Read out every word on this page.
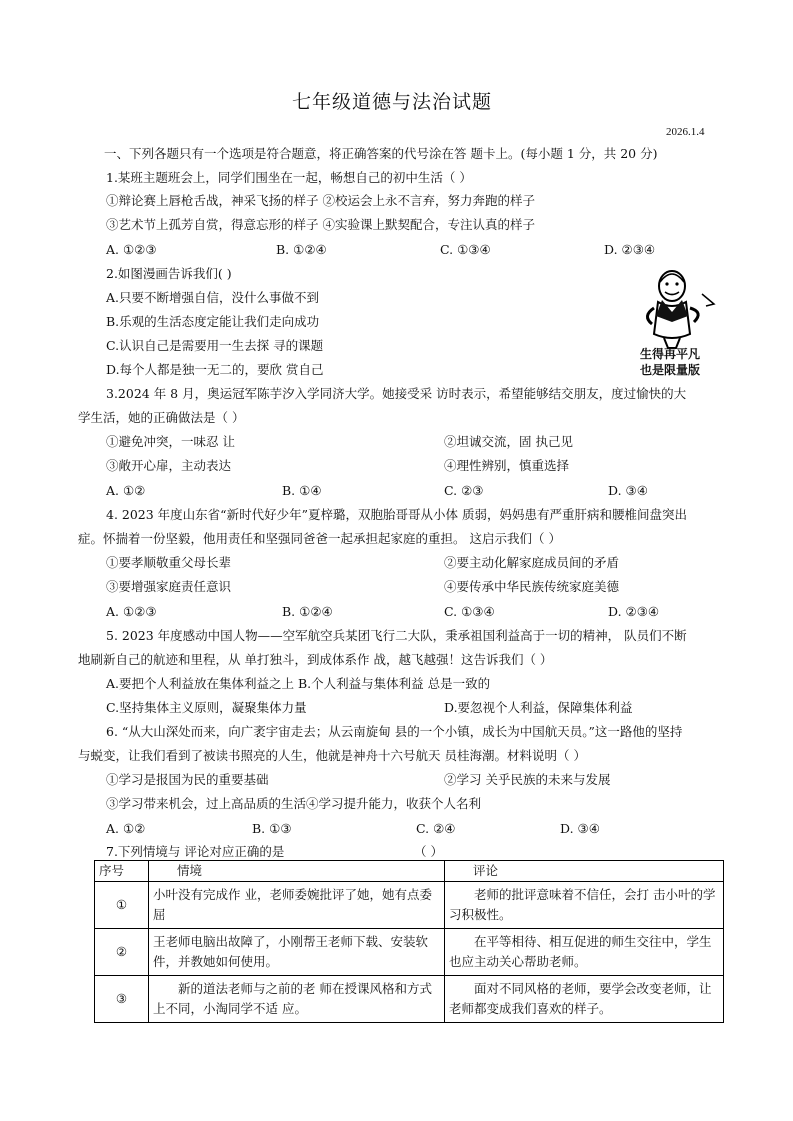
七年级道德与法治试题
2026.1.4
一、下列各题只有一个选项是符合题意，将正确答案的代号涂在答 题卡上。(每小题 1 分，共 20 分)
1.某班主题班会上，同学们围坐在一起，畅想自己的初中生活（ ）
①辩论赛上唇枪舌战，神采飞扬的样子 ②校运会上永不言弃，努力奔跑的样子
③艺术节上孤芳自赏，得意忘形的样子 ④实验课上默契配合，专注认真的样子
A. ①②③	B. ①②④	C. ①③④	D. ②③④
2.如图漫画告诉我们( )
A.只要不断增强自信，没什么事做不到
B.乐观的生活态度定能让我们走向成功
C.认识自己是需要用一生去探 寻的课题
D.每个人都是独一无二的，要欣 赏自己
生得再平凡
也是限量版
3.2024 年 8 月，奥运冠军陈芋汐入学同济大学。她接受采 访时表示，希望能够结交朋友，度过愉快的大
学生活，她的正确做法是（ ）
①避免冲突，一味忍 让	②坦诚交流，固 执己见
③敞开心扉，主动表达	④理性辨别，慎重选择
A. ①②	B. ①④	C. ②③	D. ③④
4. 2023 年度山东省“新时代好少年”夏梓璐，双胞胎哥哥从小体 质弱，妈妈患有严重肝病和腰椎间盘突出
症。怀揣着一份坚毅，他用责任和坚强同爸爸一起承担起家庭的重担。 这启示我们（ ）
①要孝顺敬重父母长辈	②要主动化解家庭成员间的矛盾
③要增强家庭责任意识	④要传承中华民族传统家庭美德
A. ①②③	B. ①②④	C. ①③④	D. ②③④
5. 2023 年度感动中国人物——空军航空兵某团飞行二大队，秉承祖国利益高于一切的精神， 队员们不断
地刷新自己的航迹和里程，从 单打独斗，到成体系作 战，越飞越强！这告诉我们（ ）
A.要把个人利益放在集体利益之上 B.个人利益与集体利益 总是一致的
C.坚持集体主义原则，凝聚集体力量	D.要忽视个人利益，保障集体利益
6. “从大山深处而来，向广袤宇宙走去；从云南旋甸 县的一个小镇，成长为中国航天员。”这一路他的坚持
与蜕变，让我们看到了被读书照亮的人生，他就是神舟十六号航天 员桂海潮。材料说明（ ）
①学习是报国为民的重要基础	②学习 关乎民族的未来与发展
③学习带来机会，过上高品质的生活④学习提升能力，收获个人名利
A. ①②	B. ①③	C. ②④	D. ③④
7.下列情境与 评论对应正确的是	（ ）
序号	情境	评论
①	小叶没有完成作 业，老师委婉批评了她，她有点委屈	老师的批评意味着不信任，会打 击小叶的学习积极性。
②	王老师电脑出故障了，小刚帮王老师下载、安装软件，并教她如何使用。	在平等相待、相互促进的师生交往中，学生也应主动关心帮助老师。
③	新的道法老师与之前的老 师在授课风格和方式上不同，小淘同学不适 应。	面对不同风格的老师，要学会改变老师，让老师都变成我们喜欢的样子。
